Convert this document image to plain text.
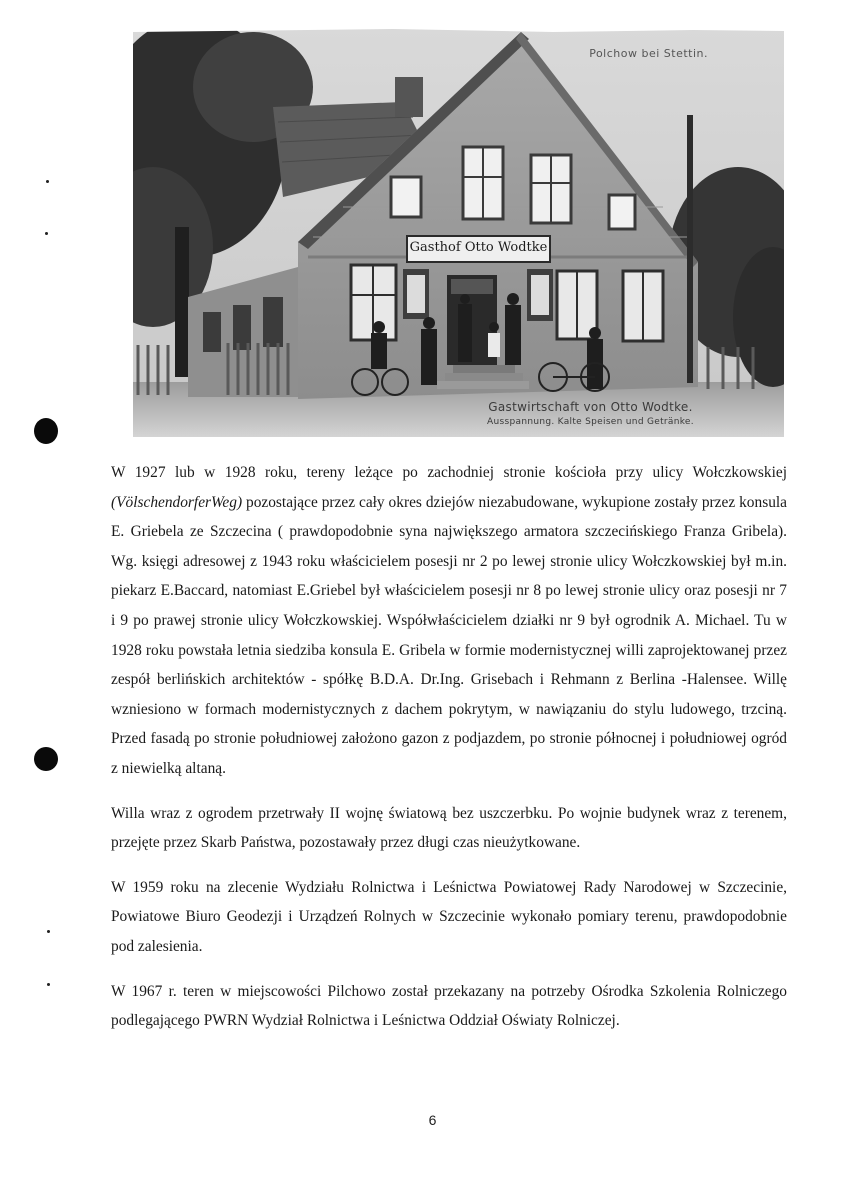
Polchow bei Stettin.
Gasthof Otto Wodtke
Gastwirtschaft von Otto Wodtke.
Ausspannung. Kalte Speisen und Getränke.

W 1927 lub w 1928 roku, tereny leżące po zachodniej stronie kościoła przy ulicy Wołczkowskiej (VölschendorferWeg) pozostające przez cały okres dziejów niezabudowane, wykupione zostały przez konsula E. Griebela ze Szczecina ( prawdopodobnie syna największego armatora szczecińskiego Franza Gribela). Wg. księgi adresowej z 1943 roku właścicielem posesji nr 2 po lewej stronie ulicy Wołczkowskiej był m.in. piekarz E.Baccard, natomiast E.Griebel był właścicielem posesji nr 8 po lewej stronie ulicy oraz posesji nr 7 i 9 po prawej stronie ulicy Wołczkowskiej. Współwłaścicielem działki nr 9 był ogrodnik A. Michael. Tu w 1928 roku powstała letnia siedziba konsula E. Gribela w formie modernistycznej willi zaprojektowanej przez zespół berlińskich architektów - spółkę B.D.A. Dr.Ing. Grisebach i Rehmann z Berlina -Halensee. Willę wzniesiono w formach modernistycznych z dachem pokrytym, w nawiązaniu do stylu ludowego, trzciną. Przed fasadą po stronie południowej założono gazon z podjazdem, po stronie północnej i południowej ogród z niewielką altaną.

Willa wraz z ogrodem przetrwały II wojnę światową bez uszczerbku. Po wojnie budynek wraz z terenem, przejęte przez Skarb Państwa, pozostawały przez długi czas nieużytkowane.

W 1959 roku na zlecenie Wydziału Rolnictwa i Leśnictwa Powiatowej Rady Narodowej w Szczecinie, Powiatowe Biuro Geodezji i Urządzeń Rolnych w Szczecinie wykonało pomiary terenu, prawdopodobnie pod zalesienia.

W 1967 r. teren w miejscowości Pilchowo został przekazany na potrzeby Ośrodka Szkolenia Rolniczego podlegającego PWRN Wydział Rolnictwa i Leśnictwa Oddział Oświaty Rolniczej.

6
